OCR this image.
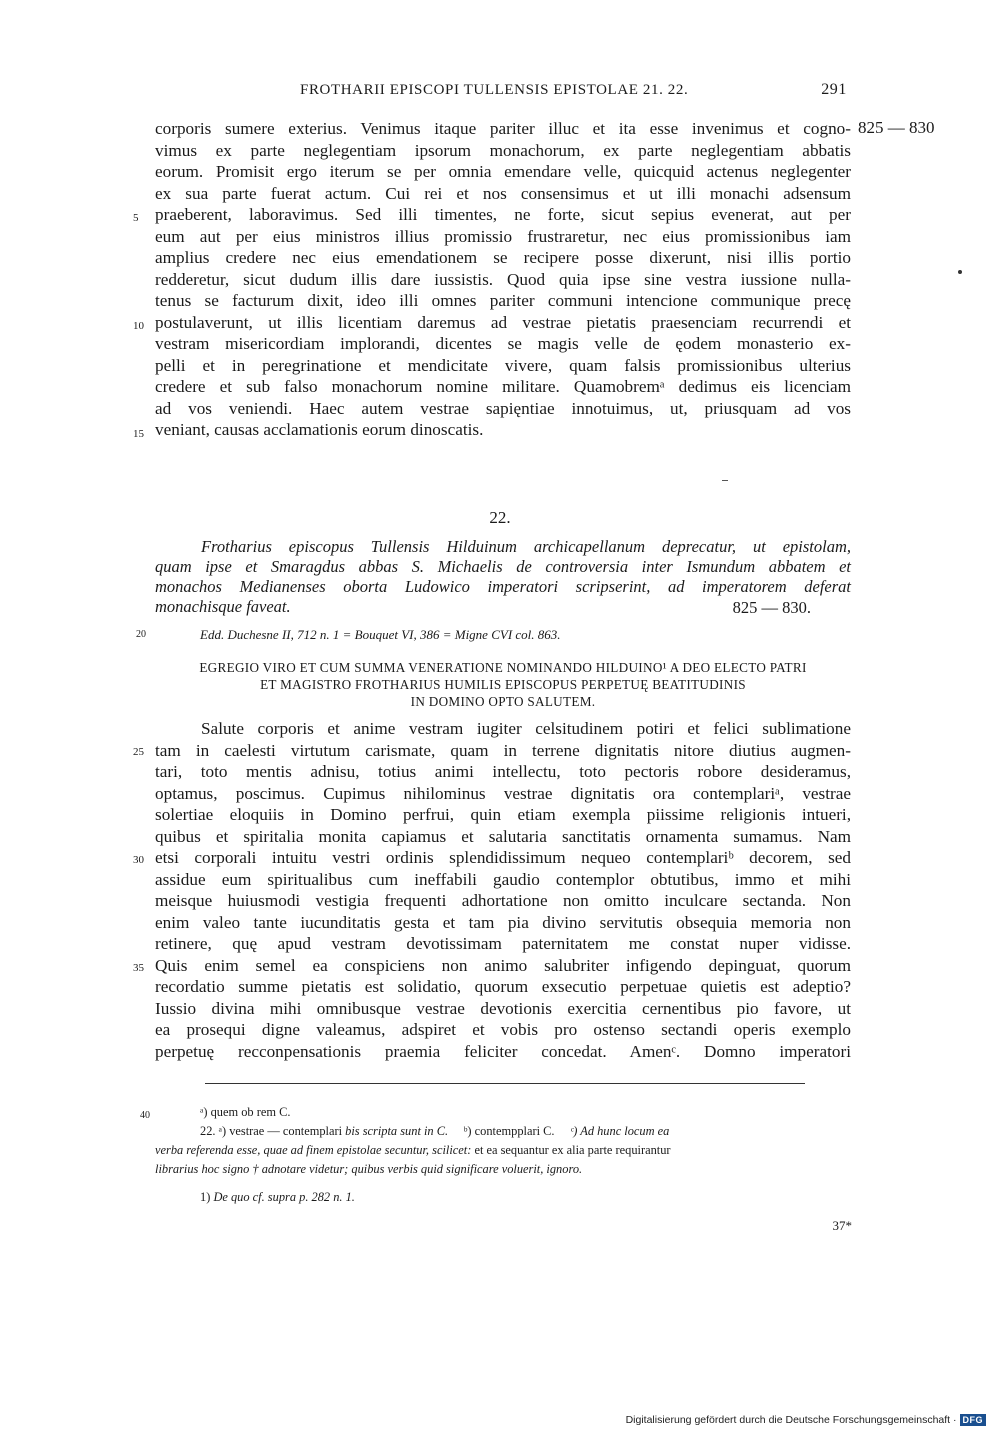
FROTHARII EPISCOPI TULLENSIS EPISTOLAE 21. 22.	291
825 — 830
corporis sumere exterius. Venimus itaque pariter illuc et ita esse invenimus et cogno-
vimus ex parte neglegentiam ipsorum monachorum, ex parte neglegentiam abbatis
eorum. Promisit ergo iterum se per omnia emendare velle, quicquid actenus neglegenter
ex sua parte fuerat actum. Cui rei et nos consensimus et ut illi monachi adsensum
praeberent, laboravimus. Sed illi timentes, ne forte, sicut sepius evenerat, aut per
eum aut per eius ministros illius promissio frustraretur, nec eius promissionibus iam
amplius credere nec eius emendationem se recipere posse dixerunt, nisi illis portio
redderetur, sicut dudum illis dare iussistis. Quod quia ipse sine vestra iussione nulla-
tenus se facturum dixit, ideo illi omnes pariter communi intencione communique precę
postulaverunt, ut illis licentiam daremus ad vestrae pietatis praesenciam recurrendi et
vestram misericordiam implorandi, dicentes se magis velle de ęodem monasterio ex-
pelli et in peregrinatione et mendicitate vivere, quam falsis promissionibus ulterius
credere et sub falso monachorum nomine militare. Quamobremᵃ dedimus eis licenciam
ad vos veniendi. Haec autem vestrae sapięntiae innotuimus, ut, priusquam ad vos
veniant, causas acclamationis eorum dinoscatis.
5
10
15
22.
Frotharius episcopus Tullensis Hilduinum archicapellanum deprecatur, ut epistolam,
quam ipse et Smaragdus abbas S. Michaelis de controversia inter Ismundum abbatem et
monachos Medianenses oborta Ludowico imperatori scripserint, ad imperatorem deferat
monachisque faveat.	825 — 830.
20	Edd. Duchesne II, 712 n. 1 = Bouquet VI, 386 = Migne CVI col. 863.
EGREGIO VIRO ET CUM SUMMA VENERATIONE NOMINANDO HILDUINO¹ A DEO ELECTO PATRI
ET MAGISTRO FROTHARIUS HUMILIS EPISCOPUS PERPETUĘ BEATITUDINIS
IN DOMINO OPTO SALUTEM.
Salute corporis et anime vestram iugiter celsitudinem potiri et felici sublimatione
tam in caelesti virtutum carismate, quam in terrene dignitatis nitore diutius augmen-
tari, toto mentis adnisu, totius animi intellectu, toto pectoris robore desideramus,
optamus, poscimus. Cupimus nihilominus vestrae dignitatis ora contemplariᵃ, vestrae
solertiae eloquiis in Domino perfrui, quin etiam exempla piissime religionis intueri,
quibus et spiritalia monita capiamus et salutaria sanctitatis ornamenta sumamus. Nam
etsi corporali intuitu vestri ordinis splendidissimum nequeo contemplariᵇ decorem, sed
assidue eum spiritualibus cum ineffabili gaudio contemplor obtutibus, immo et mihi
meisque huiusmodi vestigia frequenti adhortatione non omitto inculcare sectanda. Non
enim valeo tante iucunditatis gesta et tam pia divino servitutis obsequia memoria non
retinere, quę apud vestram devotissimam paternitatem me constat nuper vidisse.
Quis enim semel ea conspiciens non animo salubriter infigendo depinguat, quorum
recordatio summe pietatis est solidatio, quorum exsecutio perpetuae quietis est adeptio?
Iussio divina mihi omnibusque vestrae devotionis exercitia cernentibus pio favore, ut
ea prosequi digne valeamus, adspiret et vobis pro ostenso sectandi operis exemplo
perpetuę recconpensationis praemia feliciter concedat. Amenᶜ. Domno imperatori
25
30
35
40	ᵃ) quem ob rem C.
22. ᵃ) vestrae — contemplari bis scripta sunt in C. ᵇ) contempplari C. ᶜ) Ad hunc locum ea
verba referenda esse, quae ad finem epistolae secuntur, scilicet: et ea sequantur ex alia parte requirantur
librarius hoc signo † adnotare videtur; quibus verbis quid significare voluerit, ignoro.
1) De quo cf. supra p. 282 n. 1.
37*
Digitalisierung gefördert durch die Deutsche Forschungsgemeinschaft · DFG
